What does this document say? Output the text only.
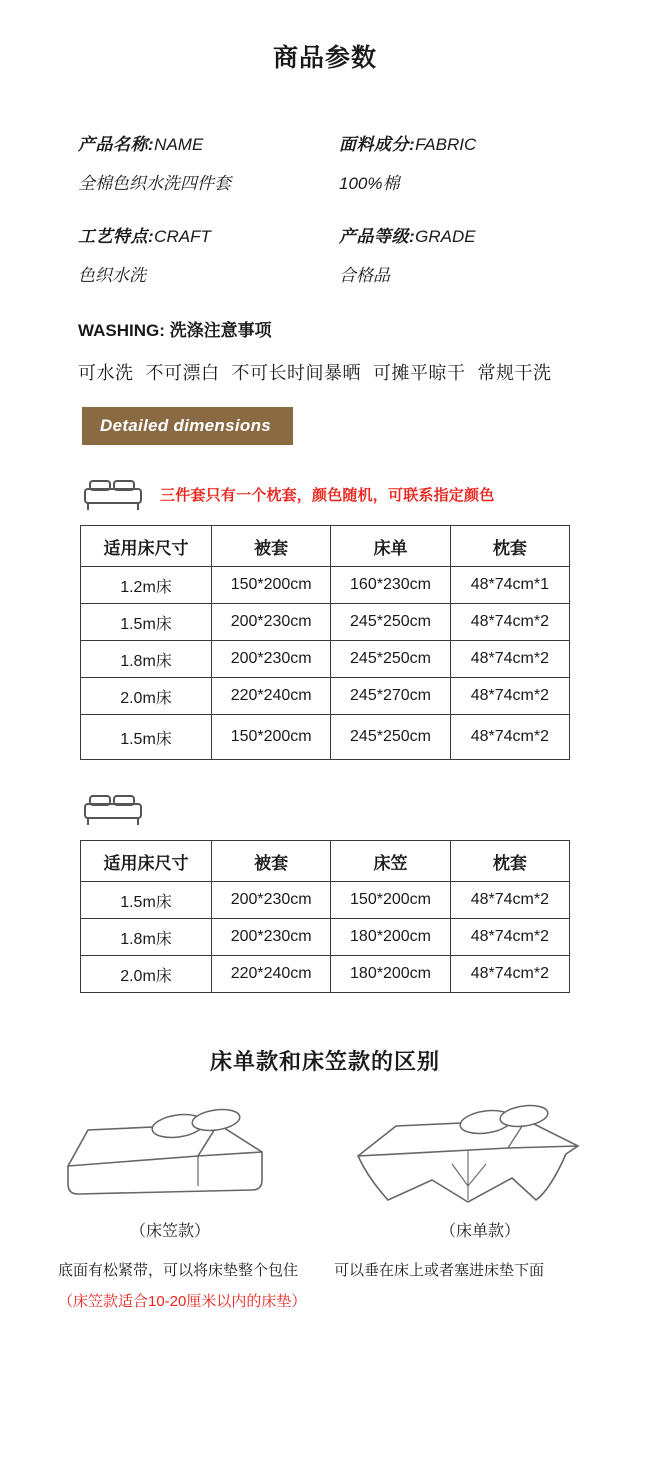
商品参数
产品名称:NAME
全棉色织水洗四件套
面料成分:FABRIC
100%棉
工艺特点:CRAFT
色织水洗
产品等级:GRADE
合格品
WASHING: 洗涤注意事项
可水洗 不可漂白 不可长时间暴晒 可摊平晾干 常规干洗
Detailed dimensions
三件套只有一个枕套，颜色随机，可联系指定颜色
适用床尺寸	被套	床单	枕套
1.2m床	150*200cm	160*230cm	48*74cm*1
1.5m床	200*230cm	245*250cm	48*74cm*2
1.8m床	200*230cm	245*250cm	48*74cm*2
2.0m床	220*240cm	245*270cm	48*74cm*2
1.5m床	150*200cm	245*250cm	48*74cm*2
适用床尺寸	被套	床笠	枕套
1.5m床	200*230cm	150*200cm	48*74cm*2
1.8m床	200*230cm	180*200cm	48*74cm*2
2.0m床	220*240cm	180*200cm	48*74cm*2
床单款和床笠款的区别
（床笠款）	（床单款）
底面有松紧带，可以将床垫整个包住
（床笠款适合10-20厘米以内的床垫）
可以垂在床上或者塞进床垫下面
